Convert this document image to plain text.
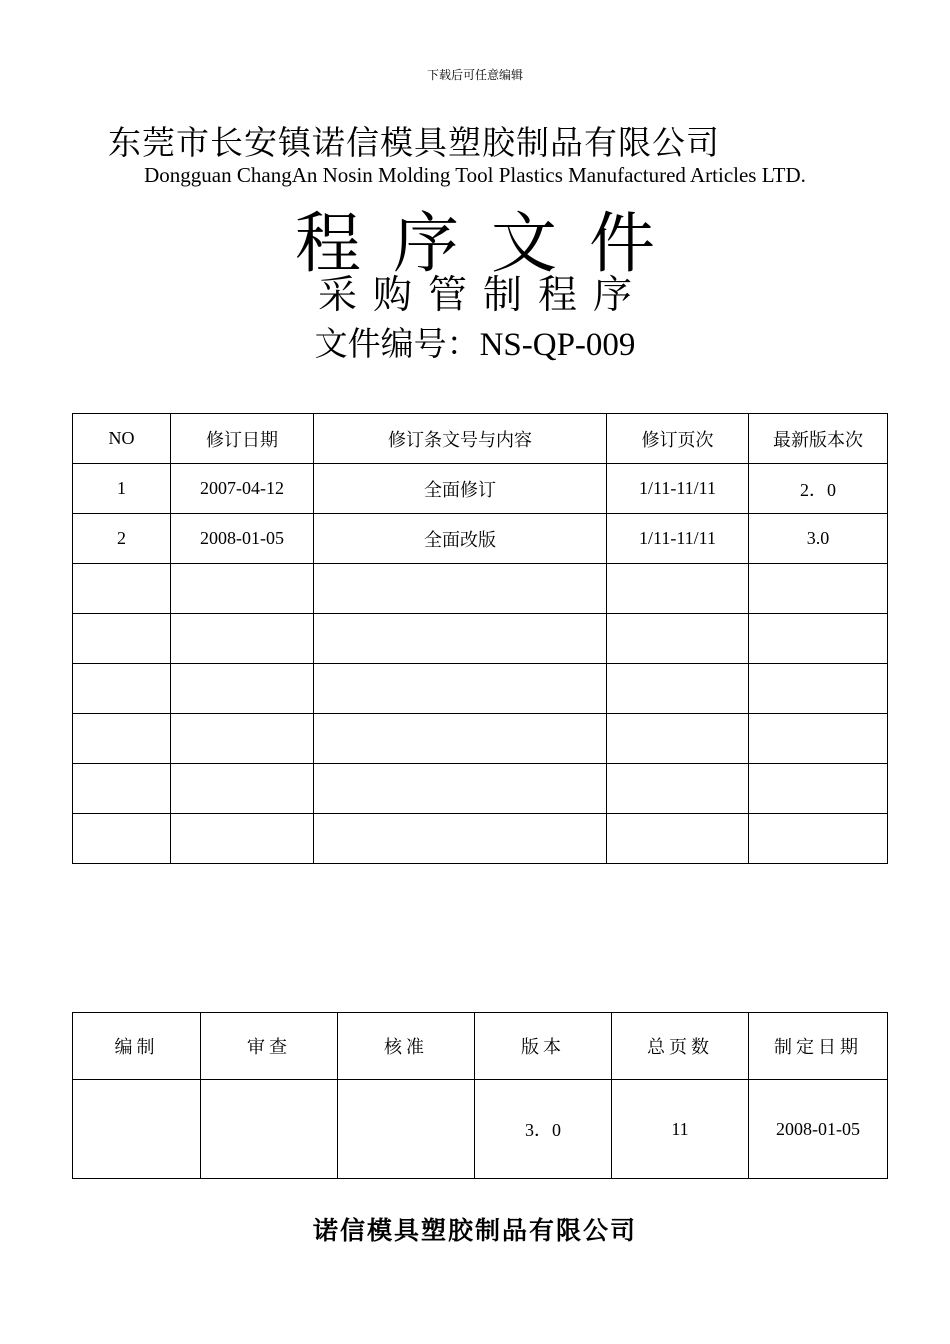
下载后可任意编辑
东莞市长安镇诺信模具塑胶制品有限公司
Dongguan ChangAn Nosin Molding Tool Plastics Manufactured Articles LTD.
程序文件
采购管制程序
文件编号：NS-QP-009
NO	修订日期	修订条文号与内容	修订页次	最新版本次
1	2007-04-12	全面修订	1/11-11/11	2．0
2	2008-01-05	全面改版	1/11-11/11	3.0

编制	审查	核准	版本	总页数	制定日期
			3．0	11	2008-01-05
诺信模具塑胶制品有限公司
